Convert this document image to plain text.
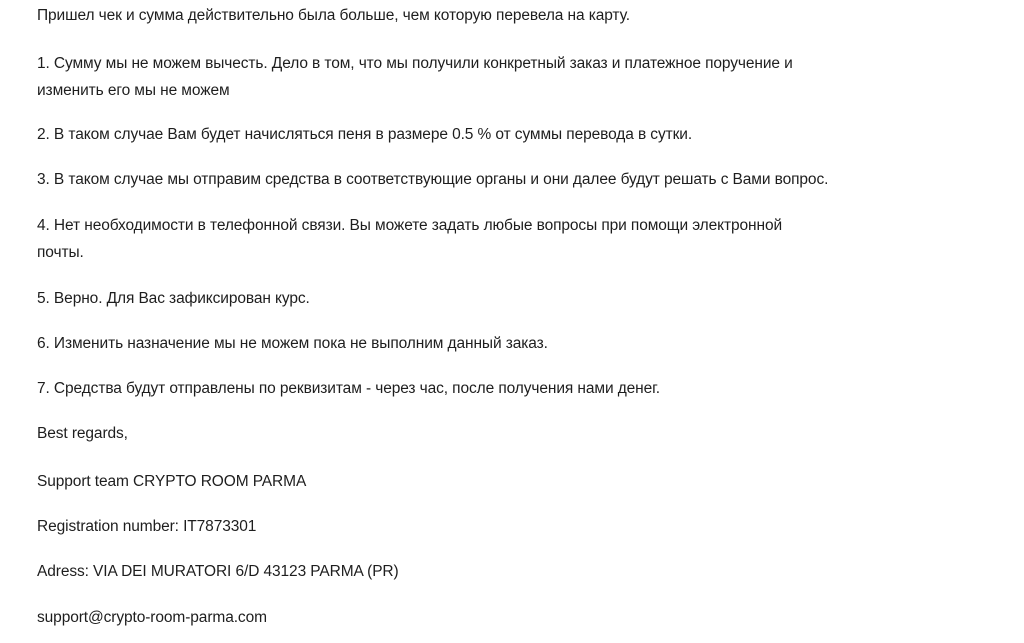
Пришел чек и сумма действительно была больше, чем которую перевела на карту.
1. Сумму мы не можем вычесть. Дело в том, что мы получили конкретный заказ и платежное поручение и
изменить его мы не можем
2. В таком случае Вам будет начисляться пеня в размере 0.5 % от суммы перевода в сутки.
3. В таком случае мы отправим средства в соответствующие органы и они далее будут решать с Вами вопрос.
4. Нет необходимости в телефонной связи. Вы можете задать любые вопросы при помощи электронной
почты.
5. Верно. Для Вас зафиксирован курс.
6. Изменить назначение мы не можем пока не выполним данный заказ.
7. Средства будут отправлены по реквизитам - через час, после получения нами денег.
Best regards,
Support team CRYPTO ROOM PARMA
Registration number: IT7873301
Adress: VIA DEI MURATORI 6/D 43123 PARMA (PR)
support@crypto-room-parma.com
